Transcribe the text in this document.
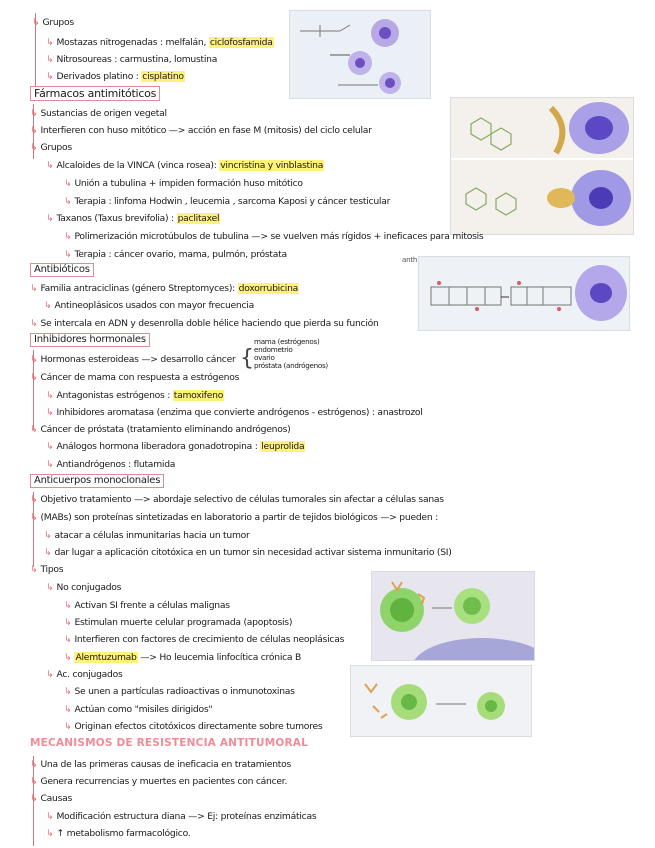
anth
↳ Grupos
↳ Mostazas nitrogenadas : melfalán, ciclofosfamida
↳ Nitrosoureas : carmustina, lomustina
↳ Derivados platino : cisplatino
Fármacos antimitóticos
↳ Sustancias de origen vegetal
↳ Interfieren con huso mitótico —> acción en fase M (mitosis) del ciclo celular
↳ Grupos
↳ Alcaloides de la VINCA (vinca rosea): vincristina y vinblastina
↳ Unión a tubulina + impiden formación huso mitótico
↳ Terapia : linfoma Hodwin , leucemia , sarcoma Kaposi y cáncer testicular
↳ Taxanos (Taxus brevifolia) : paclitaxel
↳ Polimerización microtúbulos de tubulina —> se vuelven más rígidos + ineficaces para mitosis
↳ Terapia : cáncer ovario, mama, pulmón, próstata
Antibióticos
↳ Familia antraciclinas (género Streptomyces): doxorrubicina
↳ Antineoplásicos usados con mayor frecuencia
↳ Se intercala en ADN y desenrolla doble hélice haciendo que pierda su función
Inhibidores hormonales
↳ Hormonas esteroideas —> desarrollo cáncer {
mama (estrógenos)
endometrio
ovario
próstata (andrógenos)
↳ Cáncer de mama con respuesta a estrógenos
↳ Antagonistas estrógenos : tamoxifeno
↳ Inhibidores aromatasa (enzima que convierte andrógenos - estrógenos) : anastrozol
↳ Cáncer de próstata (tratamiento eliminando andrógenos)
↳ Análogos hormona liberadora gonadotropina : leuprolida
↳ Antiandrógenos : flutamida
Anticuerpos monoclonales
↳ Objetivo tratamiento —> abordaje selectivo de células tumorales sin afectar a células sanas
↳ (MABs) son proteínas sintetizadas en laboratorio a partir de tejidos biológicos —> pueden :
↳ atacar a células inmunitarias hacia un tumor
↳ dar lugar a aplicación citotóxica en un tumor sin necesidad activar sistema inmunitario (SI)
↳ Tipos
↳ No conjugados
↳ Activan SI frente a células malignas
↳ Estimulan muerte celular programada (apoptosis)
↳ Interfieren con factores de crecimiento de células neoplásicas
↳ Alemtuzumab —> Ho leucemia linfocítica crónica B
↳ Ac. conjugados
↳ Se unen a partículas radioactivas o inmunotoxinas
↳ Actúan como "misiles dirigidos"
↳ Originan efectos citotóxicos directamente sobre tumores
MECANISMOS DE RESISTENCIA ANTITUMORAL
↳ Una de las primeras causas de ineficacia en tratamientos
↳ Genera recurrencias y muertes en pacientes con cáncer.
↳ Causas
↳ Modificación estructura diana —> Ej: proteínas enzimáticas
↳ ↑ metabolismo farmacológico.
